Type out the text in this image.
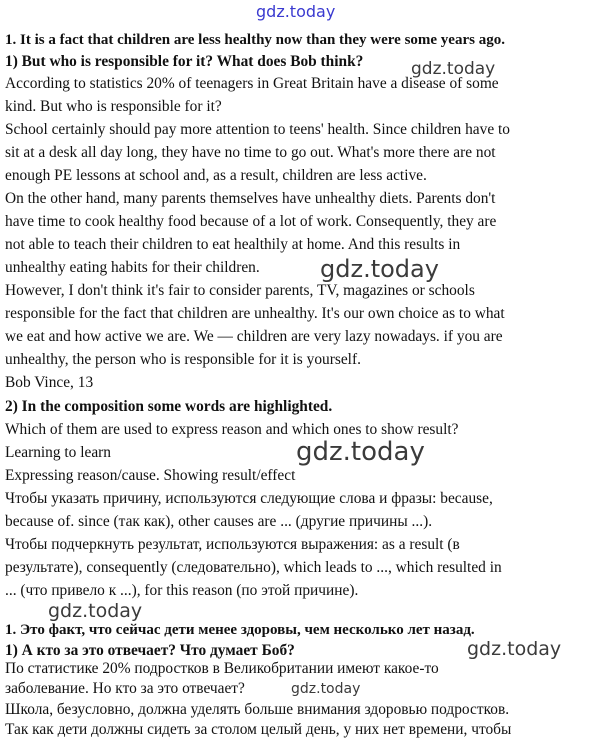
gdz.today
gdz.today
gdz.today
gdz.today
gdz.today
gdz.today
gdz.today
1. It is a fact that children are less healthy now than they were some years ago.
1) But who is responsible for it? What does Bob think?
According to statistics 20% of teenagers in Great Britain have a disease of some
kind. But who is responsible for it?
School certainly should pay more attention to teens' health. Since children have to
sit at a desk all day long, they have no time to go out. What's more there are not
enough PE lessons at school and, as a result, children are less active.
On the other hand, many parents themselves have unhealthy diets. Parents don't
have time to cook healthy food because of a lot of work. Consequently, they are
not able to teach their children to eat healthily at home. And this results in
unhealthy eating habits for their children.
However, I don't think it's fair to consider parents, TV, magazines or schools
responsible for the fact that children are unhealthy. It's our own choice as to what
we eat and how active we are. We — children are very lazy nowadays. if you are
unhealthy, the person who is responsible for it is yourself.
Bob Vince, 13
2) In the composition some words are highlighted.
Which of them are used to express reason and which ones to show result?
Learning to learn
Expressing reason/cause. Showing result/effect
Чтобы указать причину, используются следующие слова и фразы: because,
because of. since (так как), other causes are ... (другие причины ...).
Чтобы подчеркнуть результат, используются выражения: as a result (в
результате), consequently (следовательно), which leads to ..., which resulted in
... (что привело к ...), for this reason (по этой причине).
1. Это факт, что сейчас дети менее здоровы, чем несколько лет назад.
1) А кто за это отвечает? Что думает Боб?
По статистике 20% подростков в Великобритании имеют какое-то
заболевание. Но кто за это отвечает?
Школа, безусловно, должна уделять больше внимания здоровью подростков.
Так как дети должны сидеть за столом целый день, у них нет времени, чтобы
